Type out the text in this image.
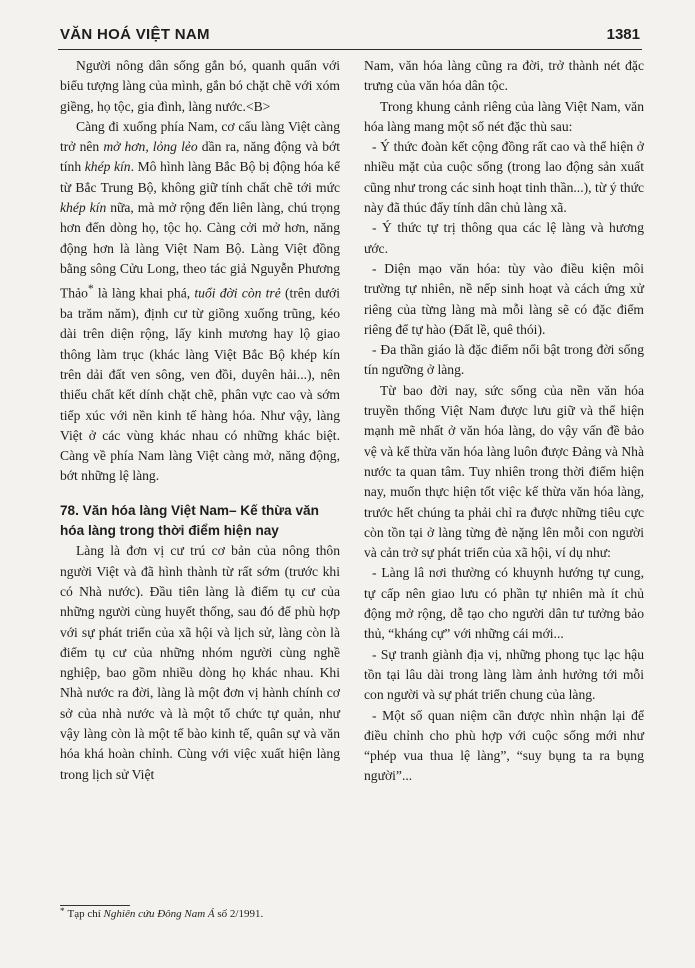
VĂN HOÁ VIỆT NAM	1381

Người nông dân sống gắn bó, quanh quẩn với biểu tượng làng của mình, gắn bó chặt chẽ với xóm giềng, họ tộc, gia đình, làng nước.<B>

Càng đi xuống phía Nam, cơ cấu làng Việt càng trở nên mở hơn, lỏng lẻo dần ra, năng động và bớt tính khép kín. Mô hình làng Bắc Bộ bị động hóa kể từ Bắc Trung Bộ, không giữ tính chất chẽ tới mức khép kín nữa, mà mở rộng đến liên làng, chú trọng hơn đến dòng họ, tộc họ. Càng cởi mở hơn, năng động hơn là làng Việt Nam Bộ. Làng Việt đồng bằng sông Cửu Long, theo tác giả Nguyễn Phương Thảo* là làng khai phá, tuổi đời còn trẻ (trên dưới ba trăm năm), định cư từ giồng xuống trũng, kéo dài trên diện rộng, lấy kinh mương hay lộ giao thông làm trục (khác làng Việt Bắc Bộ khép kín trên dải đất ven sông, ven đồi, duyên hải...), nên thiếu chất kết dính chặt chẽ, phân vực cao và sớm tiếp xúc với nền kinh tế hàng hóa. Như vậy, làng Việt ở các vùng khác nhau có những khác biệt. Càng về phía Nam làng Việt càng mở, năng động, bớt những lệ làng.

78. Văn hóa làng Việt Nam– Kế thừa văn hóa làng trong thời điểm hiện nay

Làng là đơn vị cư trú cơ bản của nông thôn người Việt và đã hình thành từ rất sớm (trước khi có Nhà nước). Đầu tiên làng là điểm tụ cư của những người cùng huyết thống, sau đó để phù hợp với sự phát triển của xã hội và lịch sử, làng còn là điểm tụ cư của những nhóm người cùng nghề nghiệp, bao gồm nhiều dòng họ khác nhau. Khi Nhà nước ra đời, làng là một đơn vị hành chính cơ sở của nhà nước và là một tổ chức tự quản, như vậy làng còn là một tế bào kinh tế, quân sự và văn hóa khá hoàn chỉnh. Cùng với việc xuất hiện làng trong lịch sử Việt

Nam, văn hóa làng cũng ra đời, trở thành nét đặc trưng của văn hóa dân tộc.

Trong khung cảnh riêng của làng Việt Nam, văn hóa làng mang một số nét đặc thù sau:

- Ý thức đoàn kết cộng đồng rất cao và thể hiện ở nhiều mặt của cuộc sống (trong lao động sản xuất cũng như trong các sinh hoạt tinh thần...), từ ý thức này đã thúc đẩy tính dân chủ làng xã.

- Ý thức tự trị thông qua các lệ làng và hương ước.

- Diện mạo văn hóa: tùy vào điều kiện môi trường tự nhiên, nề nếp sinh hoạt và cách ứng xử riêng của từng làng mà mỗi làng sẽ có đặc điểm riêng để tự hào (Đất lề, quê thói).

- Đa thần giáo là đặc điểm nổi bật trong đời sống tín ngưỡng ở làng.

Từ bao đời nay, sức sống của nền văn hóa truyền thống Việt Nam được lưu giữ và thể hiện mạnh mẽ nhất ở văn hóa làng, do vậy vấn đề bảo vệ và kế thừa văn hóa làng luôn được Đảng và Nhà nước ta quan tâm. Tuy nhiên trong thời điểm hiện nay, muốn thực hiện tốt việc kế thừa văn hóa làng, trước hết chúng ta phải chỉ ra được những tiêu cực còn tồn tại ở làng từng đè nặng lên mỗi con người và cản trở sự phát triển của xã hội, ví dụ như:

- Làng lâ nơi thường có khuynh hướng tự cung, tự cấp nên giao lưu có phần tự nhiên mà ít chủ động mở rộng, dễ tạo cho người dân tư tưởng bảo thủ, “kháng cự” với những cái mới...

- Sự tranh giành địa vị, những phong tục lạc hậu tồn tại lâu dài trong làng làm ảnh hưởng tới mỗi con người và sự phát triển chung của làng.

- Một số quan niệm cần được nhìn nhận lại để điều chỉnh cho phù hợp với cuộc sống mới như “phép vua thua lệ làng”, “suy bụng ta ra bụng người”...

* Tạp chí Nghiên cứu Đông Nam Á số 2/1991.
